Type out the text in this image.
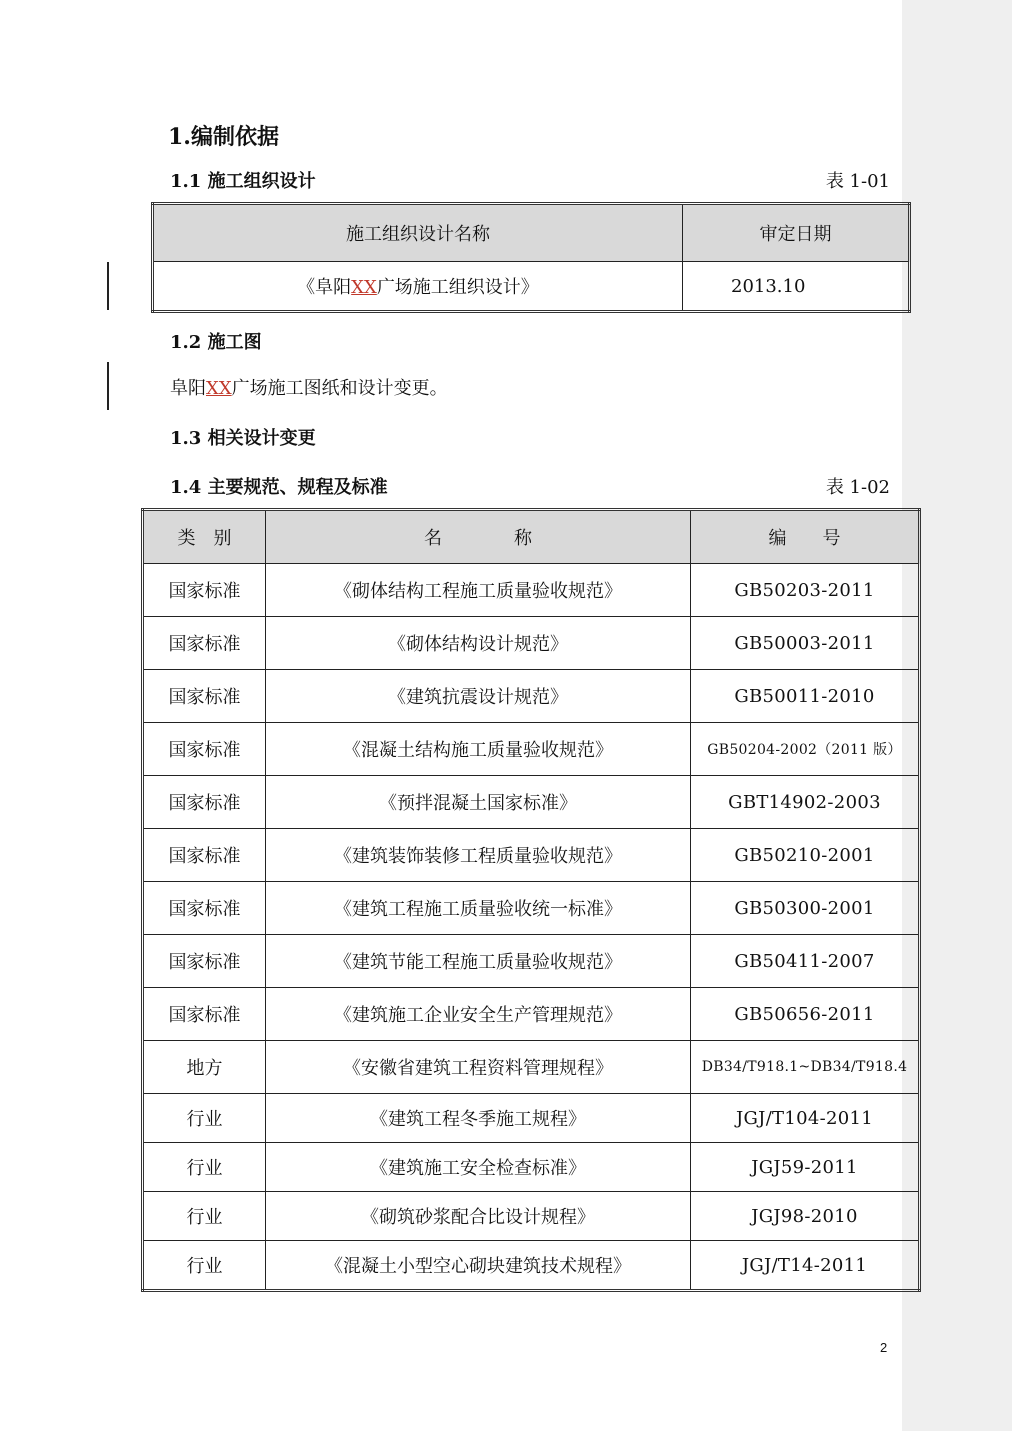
1.编制依据
1.1 施工组织设计	表 1-01
施工组织设计名称	审定日期
《阜阳XX广场施工组织设计》	2013.10
1.2 施工图
阜阳XX广场施工图纸和设计变更。
1.3 相关设计变更
1.4 主要规范、规程及标准	表 1-02
类　别	名　　　　称	编　　号
国家标准	《砌体结构工程施工质量验收规范》	GB50203-2011
国家标准	《砌体结构设计规范》	GB50003-2011
国家标准	《建筑抗震设计规范》	GB50011-2010
国家标准	《混凝土结构施工质量验收规范》	GB50204-2002（2011 版）
国家标准	《预拌混凝土国家标准》	GBT14902-2003
国家标准	《建筑装饰装修工程质量验收规范》	GB50210-2001
国家标准	《建筑工程施工质量验收统一标准》	GB50300-2001
国家标准	《建筑节能工程施工质量验收规范》	GB50411-2007
国家标准	《建筑施工企业安全生产管理规范》	GB50656-2011
地方	《安徽省建筑工程资料管理规程》	DB34/T918.1~DB34/T918.4
行业	《建筑工程冬季施工规程》	JGJ/T104-2011
行业	《建筑施工安全检查标准》	JGJ59-2011
行业	《砌筑砂浆配合比设计规程》	JGJ98-2010
行业	《混凝土小型空心砌块建筑技术规程》	JGJ/T14-2011
2
